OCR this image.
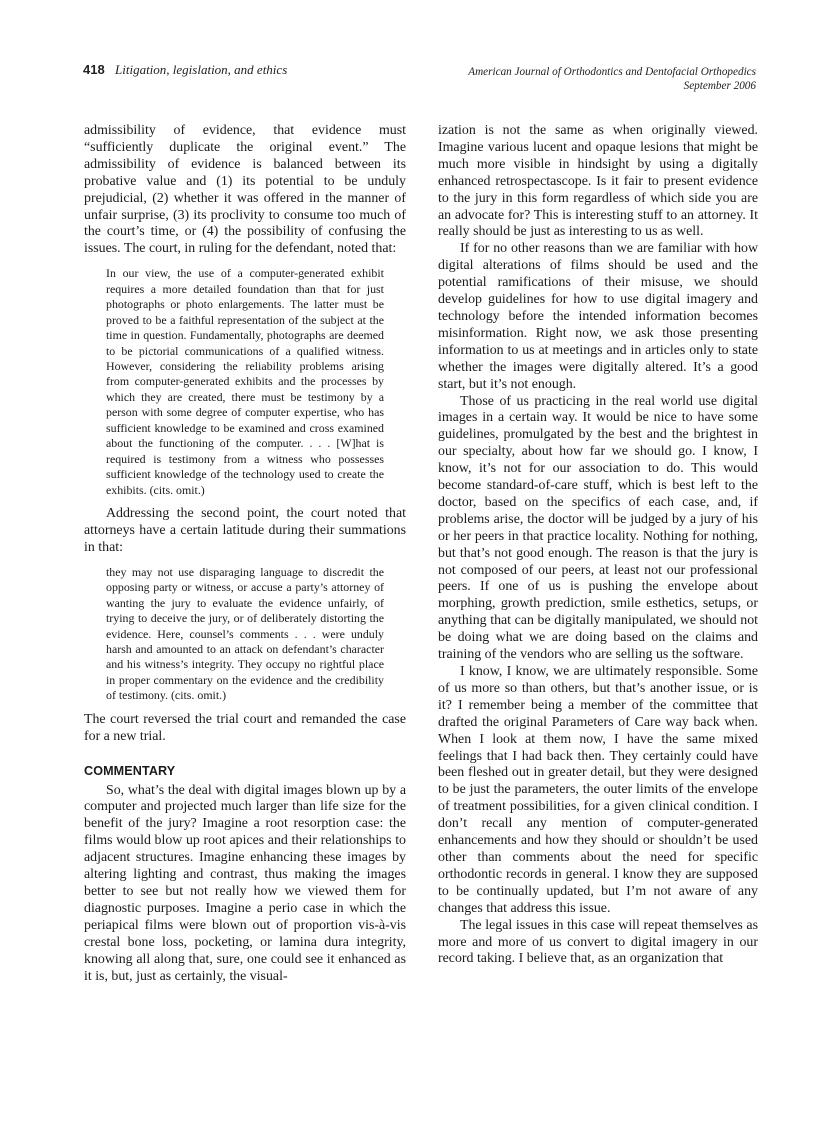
418 Litigation, legislation, and ethics	American Journal of Orthodontics and Dentofacial Orthopedics
September 2006

admissibility of evidence, that evidence must “sufficiently duplicate the original event.” The admissibility of evidence is balanced between its probative value and (1) its potential to be unduly prejudicial, (2) whether it was offered in the manner of unfair surprise, (3) its proclivity to consume too much of the court’s time, or (4) the possibility of confusing the issues. The court, in ruling for the defendant, noted that:

In our view, the use of a computer-generated exhibit requires a more detailed foundation than that for just photographs or photo enlargements. The latter must be proved to be a faithful representation of the subject at the time in question. Fundamentally, photographs are deemed to be pictorial communications of a qualified witness. However, considering the reliability problems arising from computer-generated exhibits and the processes by which they are created, there must be testimony by a person with some degree of computer expertise, who has sufficient knowledge to be examined and cross examined about the functioning of the computer. . . . [W]hat is required is testimony from a witness who possesses sufficient knowledge of the technology used to create the exhibits. (cits. omit.)

Addressing the second point, the court noted that attorneys have a certain latitude during their summations in that:

they may not use disparaging language to discredit the opposing party or witness, or accuse a party’s attorney of wanting the jury to evaluate the evidence unfairly, of trying to deceive the jury, or of deliberately distorting the evidence. Here, counsel’s comments . . . were unduly harsh and amounted to an attack on defendant’s character and his witness’s integrity. They occupy no rightful place in proper commentary on the evidence and the credibility of testimony. (cits. omit.)

The court reversed the trial court and remanded the case for a new trial.

COMMENTARY

So, what’s the deal with digital images blown up by a computer and projected much larger than life size for the benefit of the jury? Imagine a root resorption case: the films would blow up root apices and their relationships to adjacent structures. Imagine enhancing these images by altering lighting and contrast, thus making the images better to see but not really how we viewed them for diagnostic purposes. Imagine a perio case in which the periapical films were blown out of proportion vis-à-vis crestal bone loss, pocketing, or lamina dura integrity, knowing all along that, sure, one could see it enhanced as it is, but, just as certainly, the visual-

ization is not the same as when originally viewed. Imagine various lucent and opaque lesions that might be much more visible in hindsight by using a digitally enhanced retrospectascope. Is it fair to present evidence to the jury in this form regardless of which side you are an advocate for? This is interesting stuff to an attorney. It really should be just as interesting to us as well.

If for no other reasons than we are familiar with how digital alterations of films should be used and the potential ramifications of their misuse, we should develop guidelines for how to use digital imagery and technology before the intended information becomes misinformation. Right now, we ask those presenting information to us at meetings and in articles only to state whether the images were digitally altered. It’s a good start, but it’s not enough.

Those of us practicing in the real world use digital images in a certain way. It would be nice to have some guidelines, promulgated by the best and the brightest in our specialty, about how far we should go. I know, I know, it’s not for our association to do. This would become standard-of-care stuff, which is best left to the doctor, based on the specifics of each case, and, if problems arise, the doctor will be judged by a jury of his or her peers in that practice locality. Nothing for nothing, but that’s not good enough. The reason is that the jury is not composed of our peers, at least not our professional peers. If one of us is pushing the envelope about morphing, growth prediction, smile esthetics, setups, or anything that can be digitally manipulated, we should not be doing what we are doing based on the claims and training of the vendors who are selling us the software.

I know, I know, we are ultimately responsible. Some of us more so than others, but that’s another issue, or is it? I remember being a member of the committee that drafted the original Parameters of Care way back when. When I look at them now, I have the same mixed feelings that I had back then. They certainly could have been fleshed out in greater detail, but they were designed to be just the parameters, the outer limits of the envelope of treatment possibilities, for a given clinical condition. I don’t recall any mention of computer-generated enhancements and how they should or shouldn’t be used other than comments about the need for specific orthodontic records in general. I know they are supposed to be continually updated, but I’m not aware of any changes that address this issue.

The legal issues in this case will repeat themselves as more and more of us convert to digital imagery in our record taking. I believe that, as an organization that
